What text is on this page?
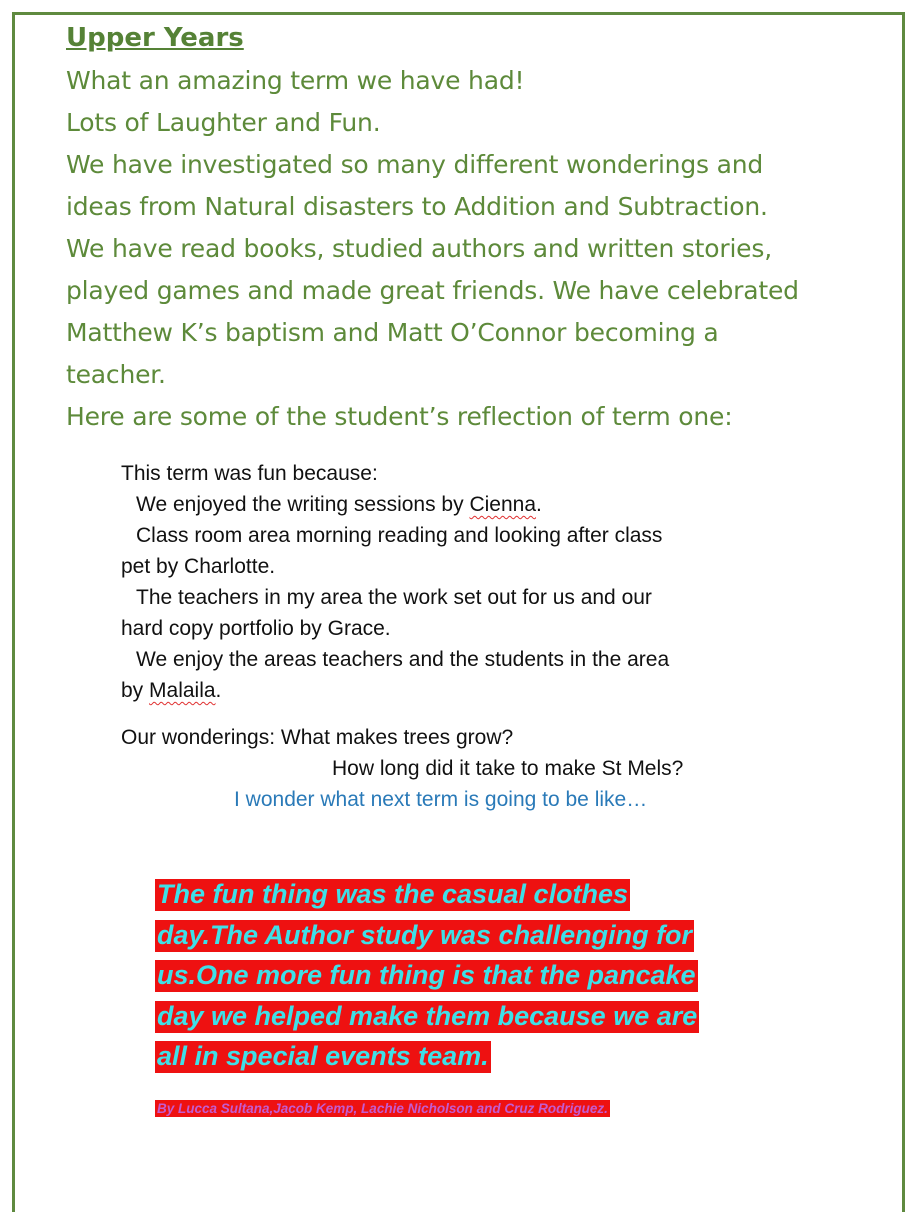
Upper Years
What an amazing term we have had!
Lots of Laughter and Fun.
We have investigated so many different wonderings and
ideas from Natural disasters to Addition and Subtraction.
We have read books, studied authors and written stories,
played games and made great friends. We have celebrated
Matthew K’s baptism and Matt O’Connor becoming a
teacher.
Here are some of the student’s reflection of term one:
This term was fun because:
We enjoyed the writing sessions by Cienna.
Class room area morning reading and looking after class
pet by Charlotte.
The teachers in my area the work set out for us and our
hard copy portfolio by Grace.
We enjoy the areas teachers and the students in the area
by Malaila.
Our wonderings: What makes trees grow?
How long did it take to make St Mels?
I wonder what next term is going to be like…
The fun thing was the casual clothes
day.The Author study was challenging for
us.One more fun thing is that the pancake
day we helped make them because we are
all in special events team.
By Lucca Sultana,Jacob Kemp, Lachie Nicholson and Cruz Rodriguez.
